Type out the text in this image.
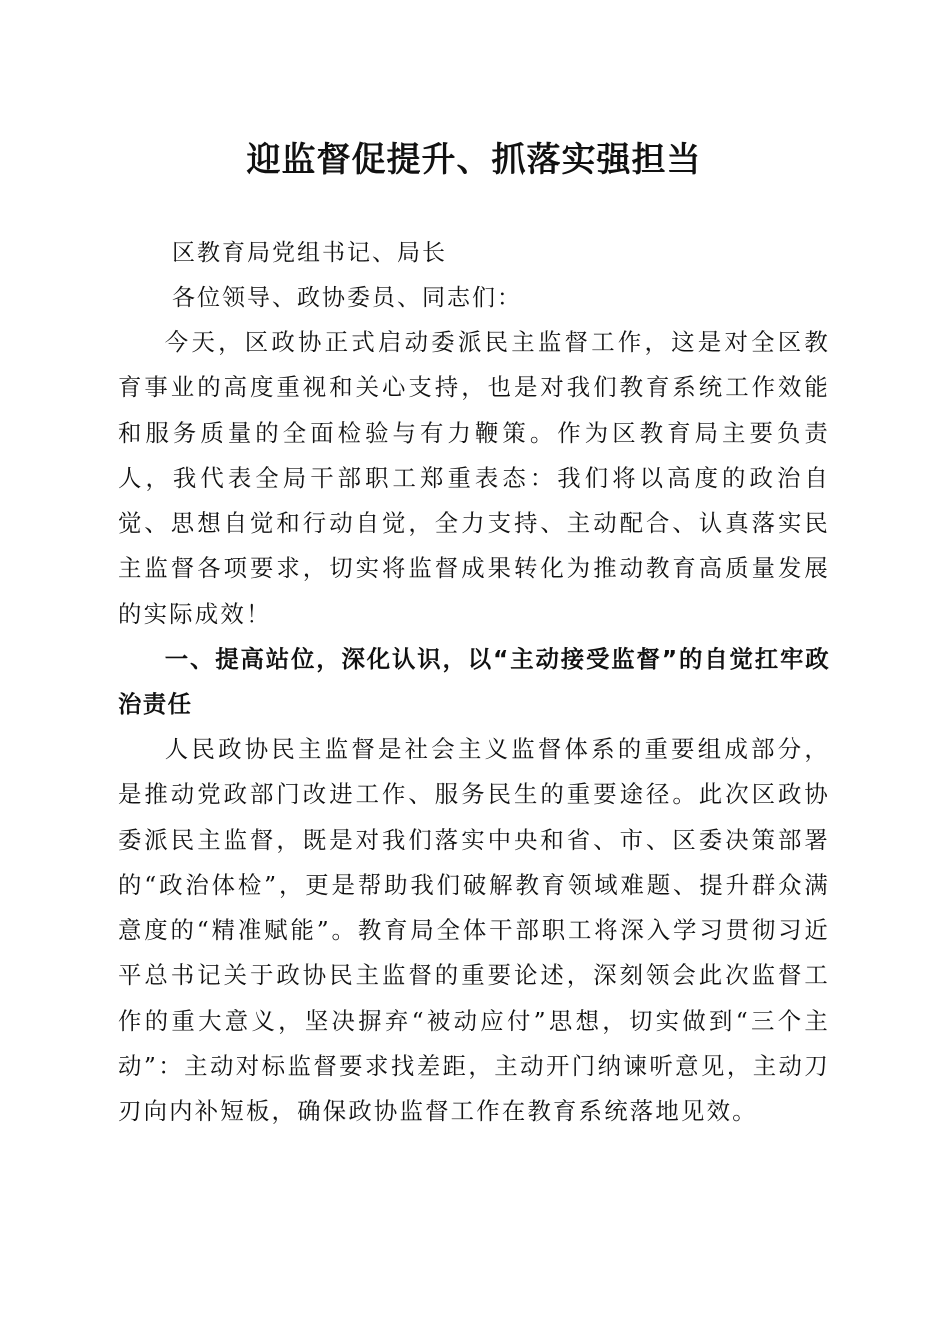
迎监督促提升、抓落实强担当

区教育局党组书记、局长

各位领导、政协委员、同志们：

今天，区政协正式启动委派民主监督工作，这是对全区教育事业的高度重视和关心支持，也是对我们教育系统工作效能和服务质量的全面检验与有力鞭策。作为区教育局主要负责人，我代表全局干部职工郑重表态：我们将以高度的政治自觉、思想自觉和行动自觉，全力支持、主动配合、认真落实民主监督各项要求，切实将监督成果转化为推动教育高质量发展的实际成效！

一、提高站位，深化认识，以“主动接受监督”的自觉扛牢政治责任

人民政协民主监督是社会主义监督体系的重要组成部分，是推动党政部门改进工作、服务民生的重要途径。此次区政协委派民主监督，既是对我们落实中央和省、市、区委决策部署的“政治体检”，更是帮助我们破解教育领域难题、提升群众满意度的“精准赋能”。教育局全体干部职工将深入学习贯彻习近平总书记关于政协民主监督的重要论述，深刻领会此次监督工作的重大意义，坚决摒弃“被动应付”思想，切实做到“三个主动”：主动对标监督要求找差距，主动开门纳谏听意见，主动刀刃向内补短板，确保政协监督工作在教育系统落地见效。
